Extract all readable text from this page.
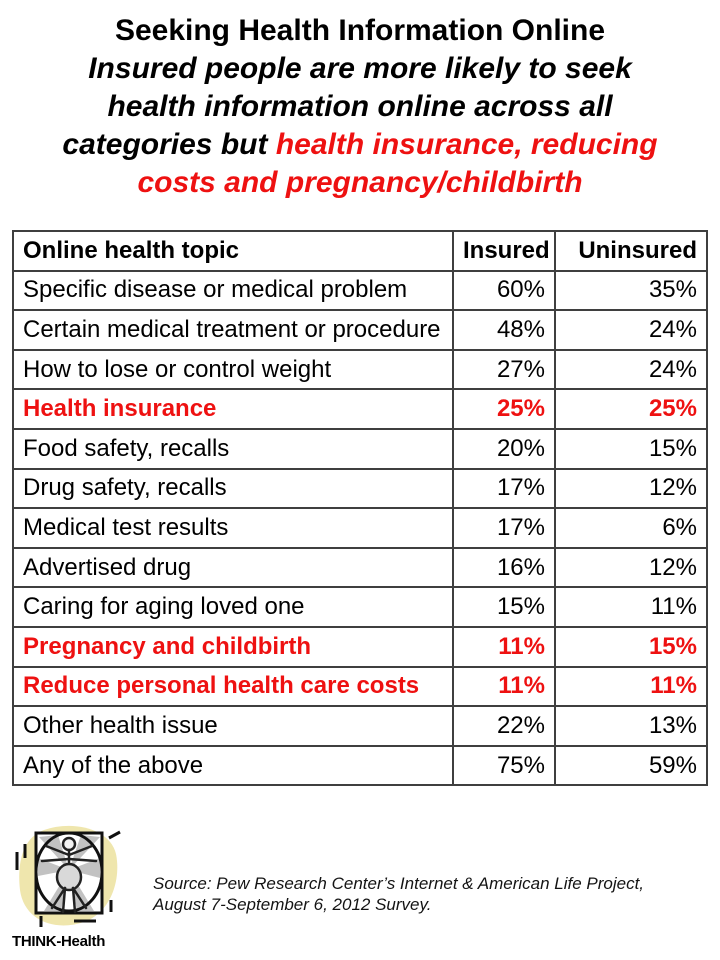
Seeking Health Information Online
Insured people are more likely to seek
health information online across all
categories but health insurance, reducing
costs and pregnancy/childbirth
Online health topic	Insured	Uninsured
Specific disease or medical problem	60%	35%
Certain medical treatment or procedure	48%	24%
How to lose or control weight	27%	24%
Health insurance	25%	25%
Food safety, recalls	20%	15%
Drug safety, recalls	17%	12%
Medical test results	17%	6%
Advertised drug	16%	12%
Caring for aging loved one	15%	11%
Pregnancy and childbirth	11%	15%
Reduce personal health care costs	11%	11%
Other health issue	22%	13%
Any of the above	75%	59%
THINK-Health
Source: Pew Research Center’s Internet & American Life Project,
August 7-September 6, 2012 Survey.
